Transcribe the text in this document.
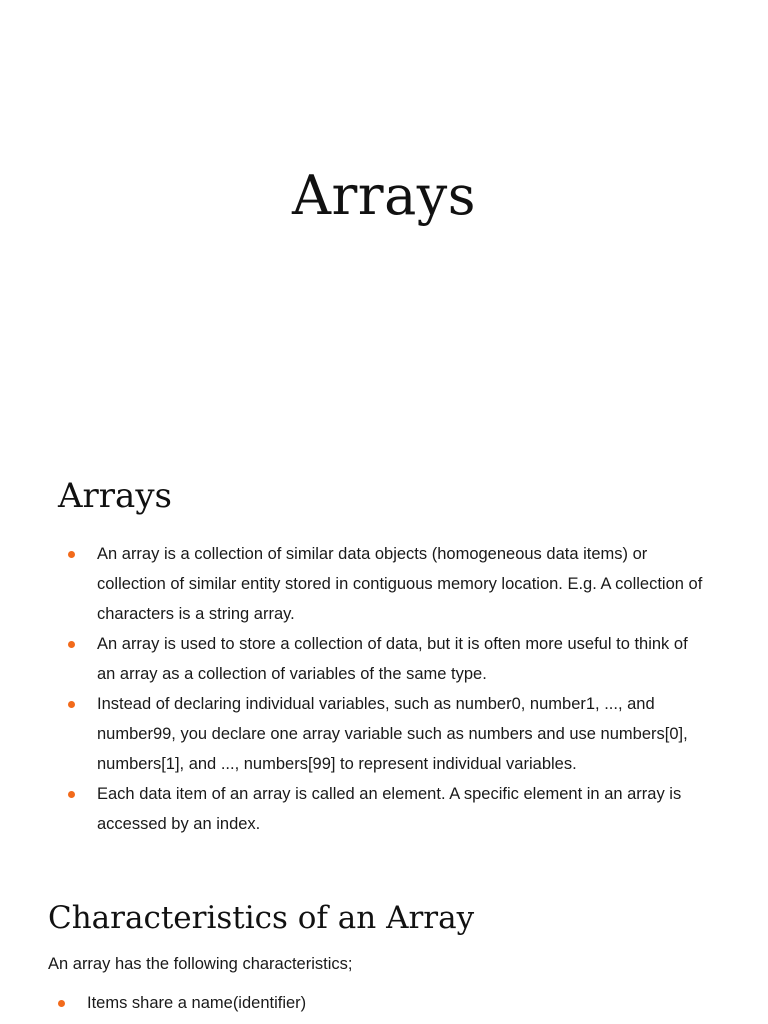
Arrays
Arrays
An array is a collection of similar data objects (homogeneous data items) or collection of similar entity stored in contiguous memory location. E.g. A collection of characters is a string array.
An array is used to store a collection of data, but it is often more useful to think of an array as a collection of variables of the same type.
Instead of declaring individual variables, such as number0, number1, ..., and number99, you declare one array variable such as numbers and use numbers[0], numbers[1], and ..., numbers[99] to represent individual variables.
Each data item of an array is called an element. A specific element in an array is accessed by an index.
Characteristics of an Array

An array has the following characteristics;

Items share a name(identifier)
